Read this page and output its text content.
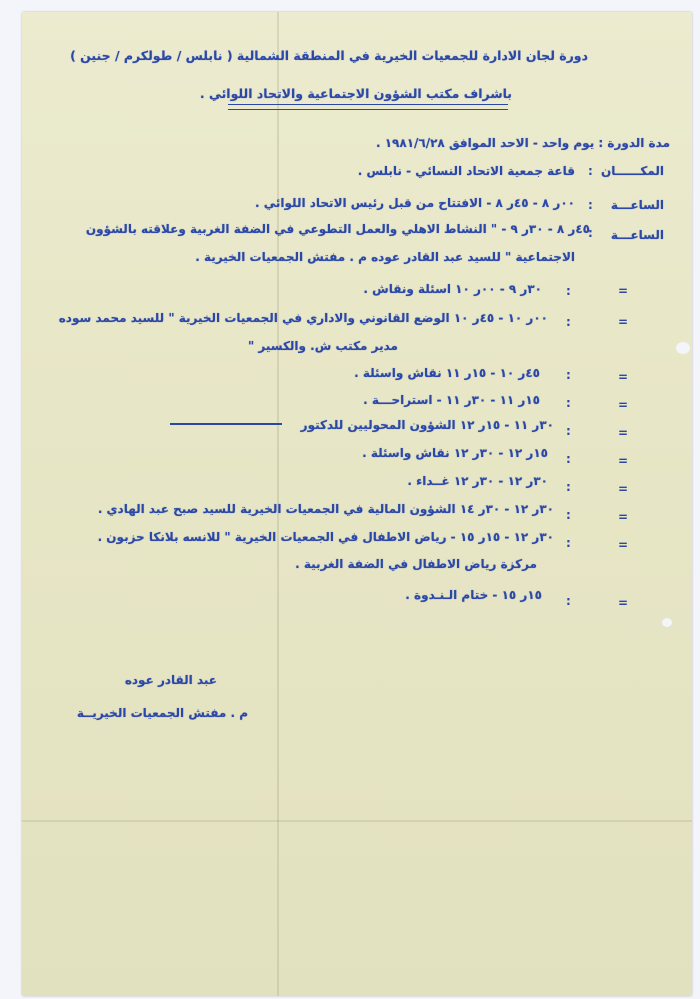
دورة لجان الادارة للجمعيات الخيرية في المنطقة الشمالية ( نابلس / طولكرم / جنين )
باشراف مكتب الشؤون الاجتماعية والاتحاد اللوائي .
مدة الدورة : يوم واحد - الاحد الموافق ١٩٨١/٦/٢٨ .
المكــــــان
:
قاعة جمعية الاتحاد النسائي - نابلس .
الساعـــة
:
٠٠ر ٨ - ٤٥ر ٨ - الافتتاح من قبل رئيس الاتحاد اللوائي .
الساعـــة
:
٤٥ر ٨ - ٣٠ر ٩ - " النشاط الاهلي والعمل التطوعي في الضفة الغربية وعلاقته بالشؤون
الاجتماعية " للسيد عبد القادر عوده م . مفتش الجمعيات الخيرية .
=
:
٣٠ر ٩ - ٠٠ر ١٠ اسئلة ونقاش .
=
:
٠٠ر ١٠ - ٤٥ر ١٠ الوضع القانوني والاداري في الجمعيات الخيرية " للسيد محمد سوده
مدير مكتب ش. والكسير "
=
:
٤٥ر ١٠ - ١٥ر ١١ نقاش واسئلة .
=
:
١٥ر ١١ - ٣٠ر ١١ - استراحـــة .
=
:
٣٠ر ١١ - ١٥ر ١٢ الشؤون المحوليين للدكتور
=
:
١٥ر ١٢ - ٣٠ر ١٢ نقاش واسئلة .
=
:
٣٠ر ١٢ - ٣٠ر ١٢ غــداء .
=
:
٣٠ر ١٢ - ٣٠ر ١٤ الشؤون المالية في الجمعيات الخيرية للسيد صبح عبد الهادي .
=
:
٣٠ر ١٢ - ١٥ر ١٥ - رياض الاطفال في الجمعيات الخيرية " للانسه بلانكا حزبون .
مركزة رياض الاطفال في الضفة الغربية .
=
:
١٥ر ١٥ - ختام الـنـدوة .
عبد القادر عوده
م . مفتش الجمعيات الخيريــة
